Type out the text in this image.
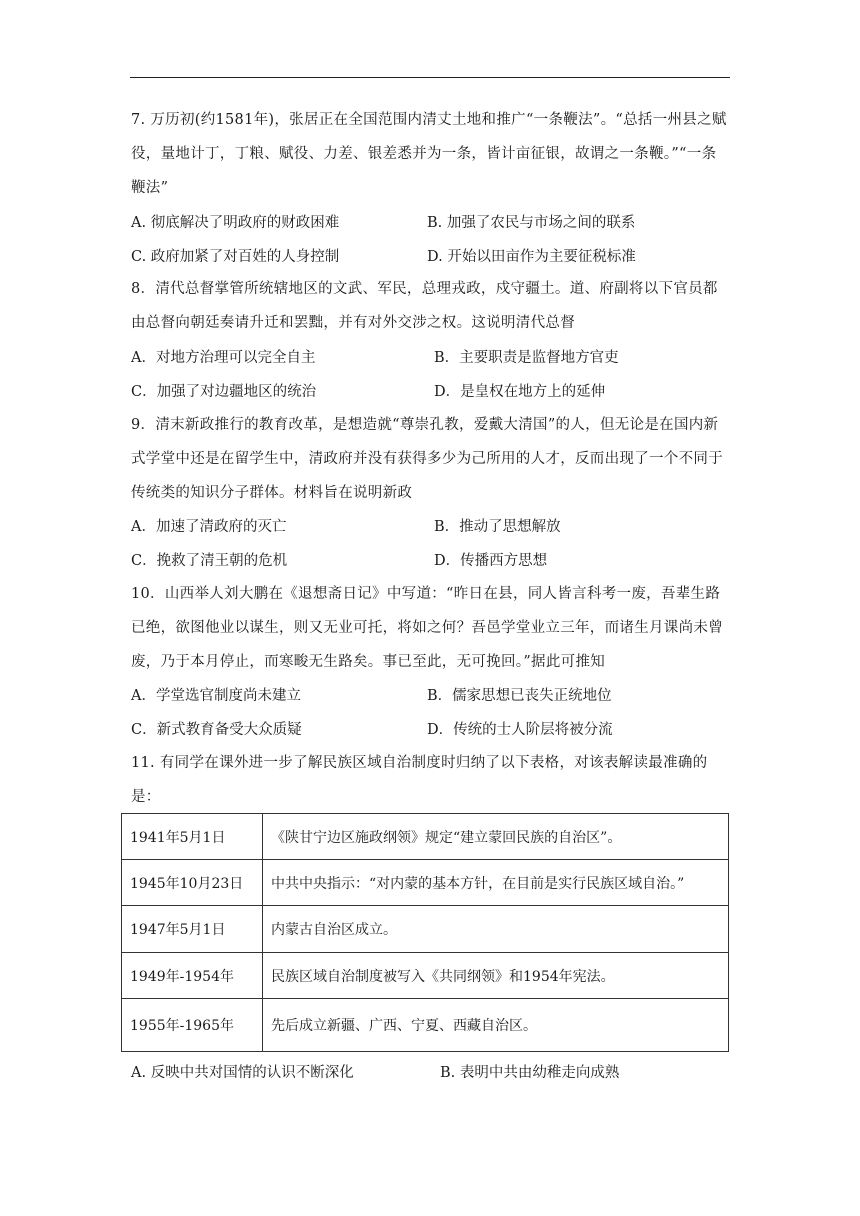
7. 万历初(约1581年)，张居正在全国范围内清丈土地和推广“一条鞭法”。“总括一州县之赋役，量地计丁，丁粮、赋役、力差、银差悉并为一条，皆计亩征银，故谓之一条鞭。”“一条鞭法”

A. 彻底解决了明政府的财政困难	B. 加强了农民与市场之间的联系
C. 政府加紧了对百姓的人身控制	D. 开始以田亩作为主要征税标准

8．清代总督掌管所统辖地区的文武、军民，总理戎政，戍守疆土。道、府副将以下官员都由总督向朝廷奏请升迁和罢黜，并有对外交涉之权。这说明清代总督

A．对地方治理可以完全自主	B．主要职责是监督地方官吏
C．加强了对边疆地区的统治	D．是皇权在地方上的延伸

9．清末新政推行的教育改革，是想造就“尊崇孔教，爱戴大清国”的人，但无论是在国内新式学堂中还是在留学生中，清政府并没有获得多少为己所用的人才，反而出现了一个不同于传统类的知识分子群体。材料旨在说明新政

A．加速了清政府的灭亡	B．推动了思想解放
C．挽救了清王朝的危机	D．传播西方思想

10．山西举人刘大鹏在《退想斋日记》中写道：“昨日在县，同人皆言科考一废，吾辈生路已绝，欲图他业以谋生，则又无业可托，将如之何？吾邑学堂业立三年，而诸生月课尚未曾废，乃于本月停止，而寒畯无生路矣。事已至此，无可挽回。”据此可推知

A．学堂选官制度尚未建立	B．儒家思想已丧失正统地位
C．新式教育备受大众质疑	D．传统的士人阶层将被分流

11. 有同学在课外进一步了解民族区域自治制度时归纳了以下表格，对该表解读最准确的是：

1941年5月1日	《陕甘宁边区施政纲领》规定“建立蒙回民族的自治区”。
1945年10月23日	中共中央指示：“对内蒙的基本方针，在目前是实行民族区域自治。”
1947年5月1日	内蒙古自治区成立。
1949年-1954年	民族区域自治制度被写入《共同纲领》和1954年宪法。
1955年-1965年	先后成立新疆、广西、宁夏、西藏自治区。
A. 反映中共对国情的认识不断深化	B. 表明中共由幼稚走向成熟
